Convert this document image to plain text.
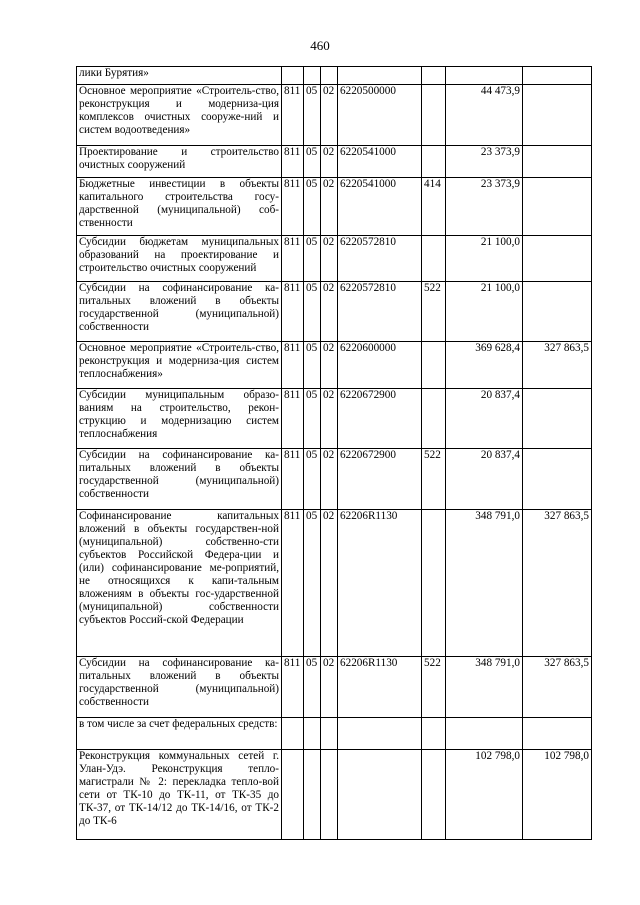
460
лики Бурятия»							
Основное мероприятие «Строитель-ство, реконструкция и модерниза-ция комплексов очистных сооруже-ний и систем водоотведения»	811	05	02	6220500000		44 473,9	
Проектирование и строительство очистных сооружений	811	05	02	6220541000		23 373,9	
Бюджетные инвестиции в объекты капитального строительства госу-дарственной (муниципальной) соб-ственности	811	05	02	6220541000	414	23 373,9	
Субсидии бюджетам муниципальных образований на проектирование и строительство очистных сооружений	811	05	02	6220572810		21 100,0	
Субсидии на софинансирование ка-питальных вложений в объекты государственной (муниципальной) собственности	811	05	02	6220572810	522	21 100,0	
Основное мероприятие «Строитель-ство, реконструкция и модерниза-ция систем теплоснабжения»	811	05	02	6220600000		369 628,4	327 863,5
Субсидии муниципальным образо-ваниям на строительство, рекон-струкцию и модернизацию систем теплоснабжения	811	05	02	6220672900		20 837,4	
Субсидии на софинансирование ка-питальных вложений в объекты государственной (муниципальной) собственности	811	05	02	6220672900	522	20 837,4	
Софинансирование капитальных вложений в объекты государствен-ной (муниципальной) собственно-сти субъектов Российской Федера-ции и (или) софинансирование ме-роприятий, не относящихся к капи-тальным вложениям в объекты гос-ударственной (муниципальной) собственности субъектов Россий-ской Федерации	811	05	02	62206R1130		348 791,0	327 863,5
Субсидии на софинансирование ка-питальных вложений в объекты государственной (муниципальной) собственности	811	05	02	62206R1130	522	348 791,0	327 863,5
в том числе за счет федеральных средств:							
Реконструкция коммунальных сетей г. Улан-Удэ. Реконструкция тепло-магистрали № 2: перекладка тепло-вой сети от ТК-10 до ТК-11, от ТК-35 до ТК-37, от ТК-14/12 до ТК-14/16, от ТК-2 до ТК-6						102 798,0	102 798,0
